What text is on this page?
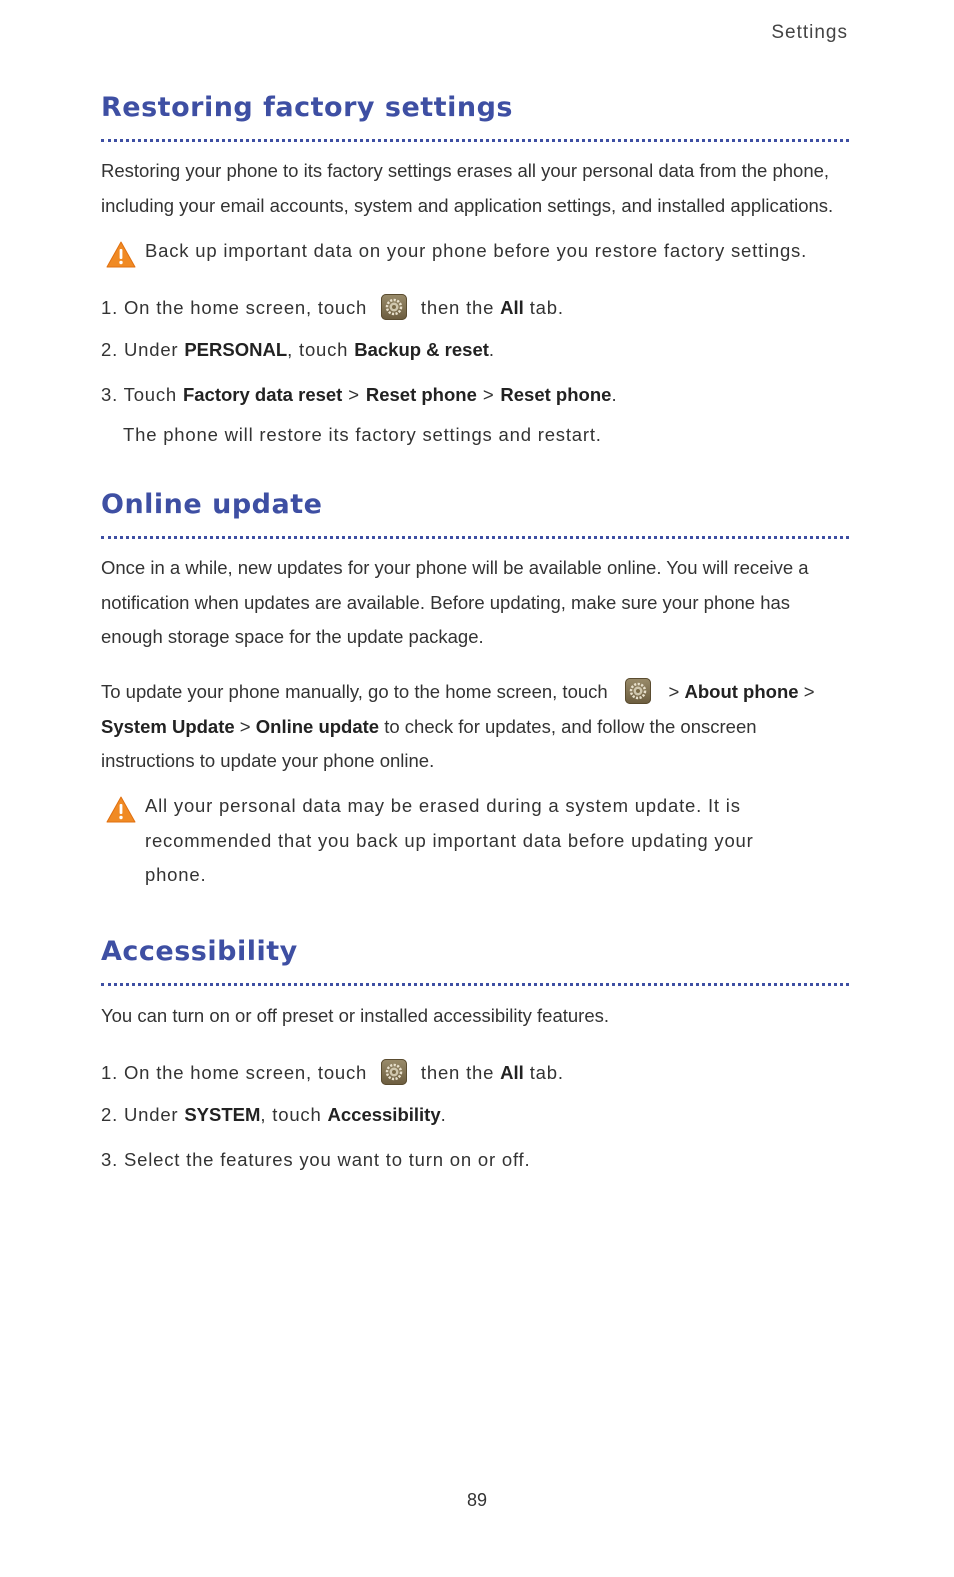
Settings
Restoring factory settings
Restoring your phone to its factory settings erases all your personal data from the phone, including your email accounts, system and application settings, and installed applications.
Back up important data on your phone before you restore factory settings.
1. On the home screen, touch	then the All tab.
2. Under PERSONAL, touch Backup & reset.
3. Touch Factory data reset > Reset phone > Reset phone.
The phone will restore its factory settings and restart.
Online update
Once in a while, new updates for your phone will be available online. You will receive a notification when updates are available. Before updating, make sure your phone has enough storage space for the update package.
To update your phone manually, go to the home screen, touch	> About phone > System Update > Online update to check for updates, and follow the onscreen instructions to update your phone online.
All your personal data may be erased during a system update. It is recommended that you back up important data before updating your phone.
Accessibility
You can turn on or off preset or installed accessibility features.
1. On the home screen, touch	then the All tab.
2. Under SYSTEM, touch Accessibility.
3. Select the features you want to turn on or off.
89
